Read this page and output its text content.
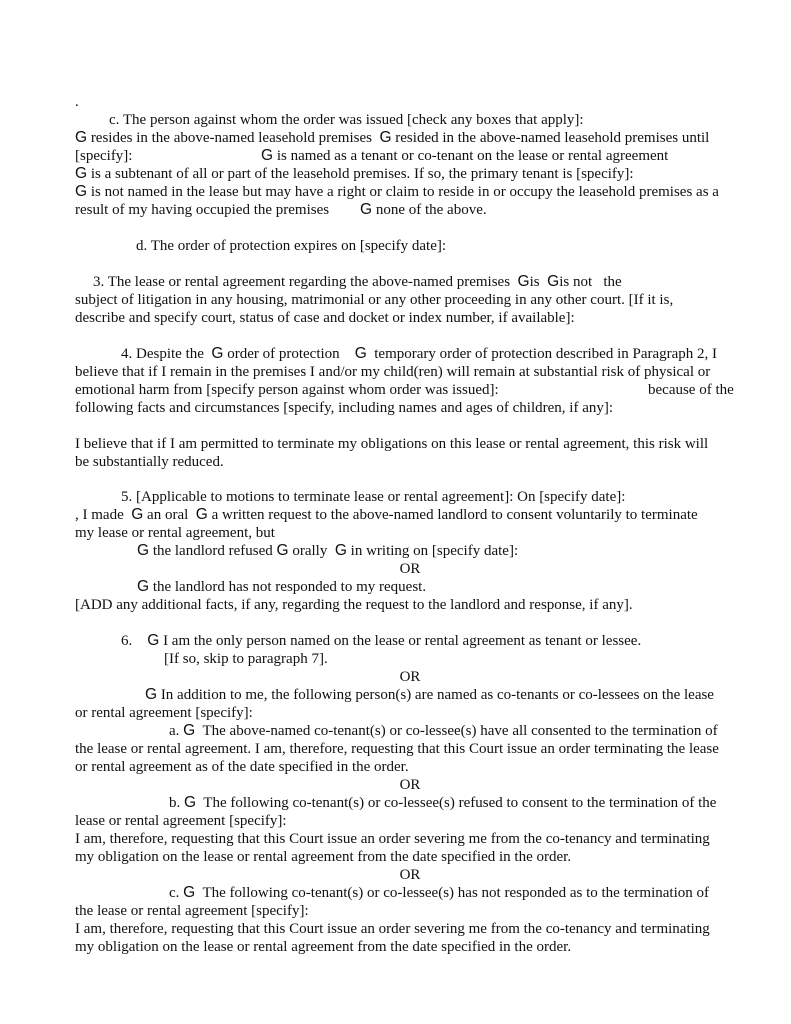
.
c. The person against whom the order was issued [check any boxes that apply]:
G resides in the above-named leasehold premises G resided in the above-named leasehold premises until
[specify]:	G is named as a tenant or co-tenant on the lease or rental agreement
G is a subtenant of all or part of the leasehold premises. If so, the primary tenant is [specify]:
G is not named in the lease but may have a right or claim to reside in or occupy the leasehold premises as a
result of my having occupied the premises G none of the above.
d. The order of protection expires on [specify date]:
3. The lease or rental agreement regarding the above-named premises Gis Gis not the
subject of litigation in any housing, matrimonial or any other proceeding in any other court. [If it is,
describe and specify court, status of case and docket or index number, if available]:
4. Despite the G order of protection G temporary order of protection described in Paragraph 2, I
believe that if I remain in the premises I and/or my child(ren) will remain at substantial risk of physical or
emotional harm from [specify person against whom order was issued]:	because of the
following facts and circumstances [specify, including names and ages of children, if any]:
I believe that if I am permitted to terminate my obligations on this lease or rental agreement, this risk will
be substantially reduced.
5. [Applicable to motions to terminate lease or rental agreement]: On [specify date]:
, I made G an oral G a written request to the above-named landlord to consent voluntarily to terminate
my lease or rental agreement, but
G the landlord refused G orally G in writing on [specify date]:
OR
G the landlord has not responded to my request.
[ADD any additional facts, if any, regarding the request to the landlord and response, if any].
6. G I am the only person named on the lease or rental agreement as tenant or lessee.
[If so, skip to paragraph 7].
OR
G In addition to me, the following person(s) are named as co-tenants or co-lessees on the lease
or rental agreement [specify]:
a. G The above-named co-tenant(s) or co-lessee(s) have all consented to the termination of
the lease or rental agreement. I am, therefore, requesting that this Court issue an order terminating the lease
or rental agreement as of the date specified in the order.
OR
b. G The following co-tenant(s) or co-lessee(s) refused to consent to the termination of the
lease or rental agreement [specify]:
I am, therefore, requesting that this Court issue an order severing me from the co-tenancy and terminating
my obligation on the lease or rental agreement from the date specified in the order.
OR
c. G The following co-tenant(s) or co-lessee(s) has not responded as to the termination of
the lease or rental agreement [specify]:
I am, therefore, requesting that this Court issue an order severing me from the co-tenancy and terminating
my obligation on the lease or rental agreement from the date specified in the order.
